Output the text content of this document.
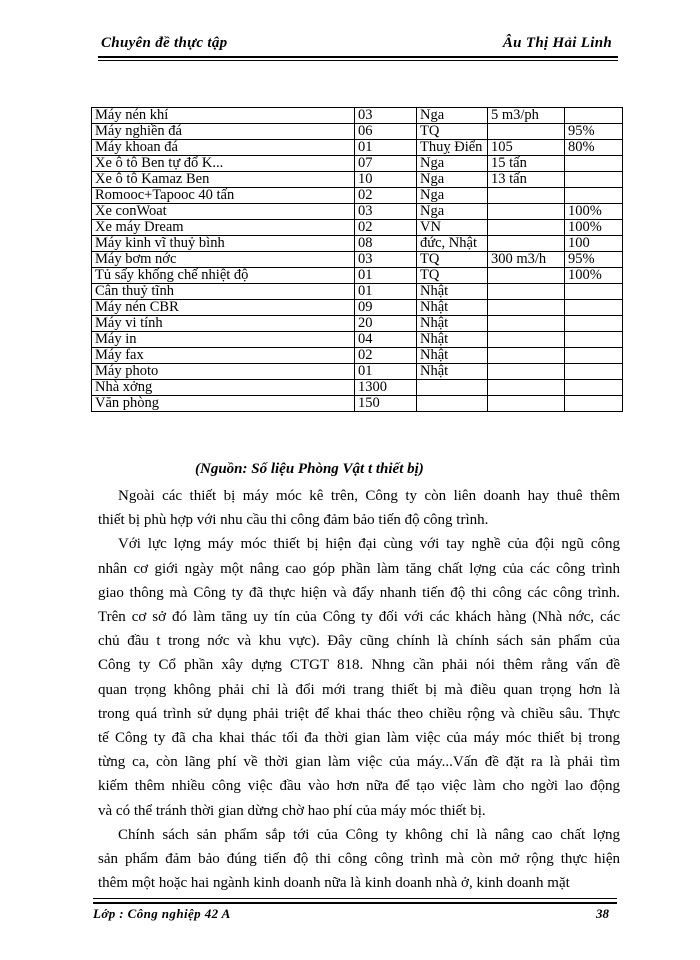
Chuyên đề thực tập	Âu Thị Hải Linh
Máy nén khí	03	Nga	5 m3/ph	
Máy nghiền đá	06	TQ		95%
Máy khoan đá	01	Thuỵ Điển	105	80%
Xe ô tô Ben tự đổ K...	07	Nga	15 tấn	
Xe ô tô Kamaz Ben	10	Nga	13 tấn	
Romooc+Tapooc 40 tấn	02	Nga		
Xe conWoat	03	Nga		100%
Xe máy Dream	02	VN		100%
Máy kinh vĩ thuỷ bình	08	đức, Nhật		100
Máy bơm nớc	03	TQ	300 m3/h	95%
Tủ sấy khống chế nhiệt độ	01	TQ		100%
Cân thuỷ tĩnh	01	Nhật		
Máy nén CBR	09	Nhật		
Máy vi tính	20	Nhật		
Máy in	04	Nhật		
Máy fax	02	Nhật		
Máy photo	01	Nhật		
Nhà xởng	1300			
Văn phòng	150			
(Nguồn: Số liệu Phòng Vật t thiết bị)

Ngoài các thiết bị máy móc kê trên, Công ty còn liên doanh hay thuê thêm
thiết bị phù hợp với nhu cầu thi công đảm bảo tiến độ công trình.

Với lực lợng máy móc thiết bị hiện đại cùng với tay nghề của đội ngũ công
nhân cơ giới ngày một nâng cao góp phần làm tăng chất lợng của các công trình
giao thông mà Công ty đã thực hiện và đẩy nhanh tiến độ thi công các công trình.
Trên cơ sở đó làm tăng uy tín của Công ty đối với các khách hàng (Nhà nớc, các
chủ đầu t trong nớc và khu vực). Đây cũng chính là chính sách sản phẩm của
Công ty Cổ phần xây dựng CTGT 818. Nhng cần phải nói thêm rằng vấn đề
quan trọng không phải chỉ là đổi mới trang thiết bị mà điều quan trọng hơn là
trong quá trình sử dụng phải triệt để khai thác theo chiều rộng và chiều sâu. Thực
tế Công ty đã cha khai thác tối đa thời gian làm việc của máy móc thiết bị trong
từng ca, còn lãng phí về thời gian làm việc của máy...Vấn đề đặt ra là phải tìm
kiếm thêm nhiều công việc đầu vào hơn nữa để tạo việc làm cho ngời lao động
và có thể tránh thời gian dừng chờ hao phí của máy móc thiết bị.

Chính sách sản phẩm sắp tới của Công ty không chỉ là nâng cao chất lợng
sản phẩm đảm bảo đúng tiến độ thi công công trình mà còn mở rộng thực hiện
thêm một hoặc hai ngành kinh doanh nữa là kinh doanh nhà ở, kinh doanh mặt

Lớp : Công nghiệp 42 A	38
